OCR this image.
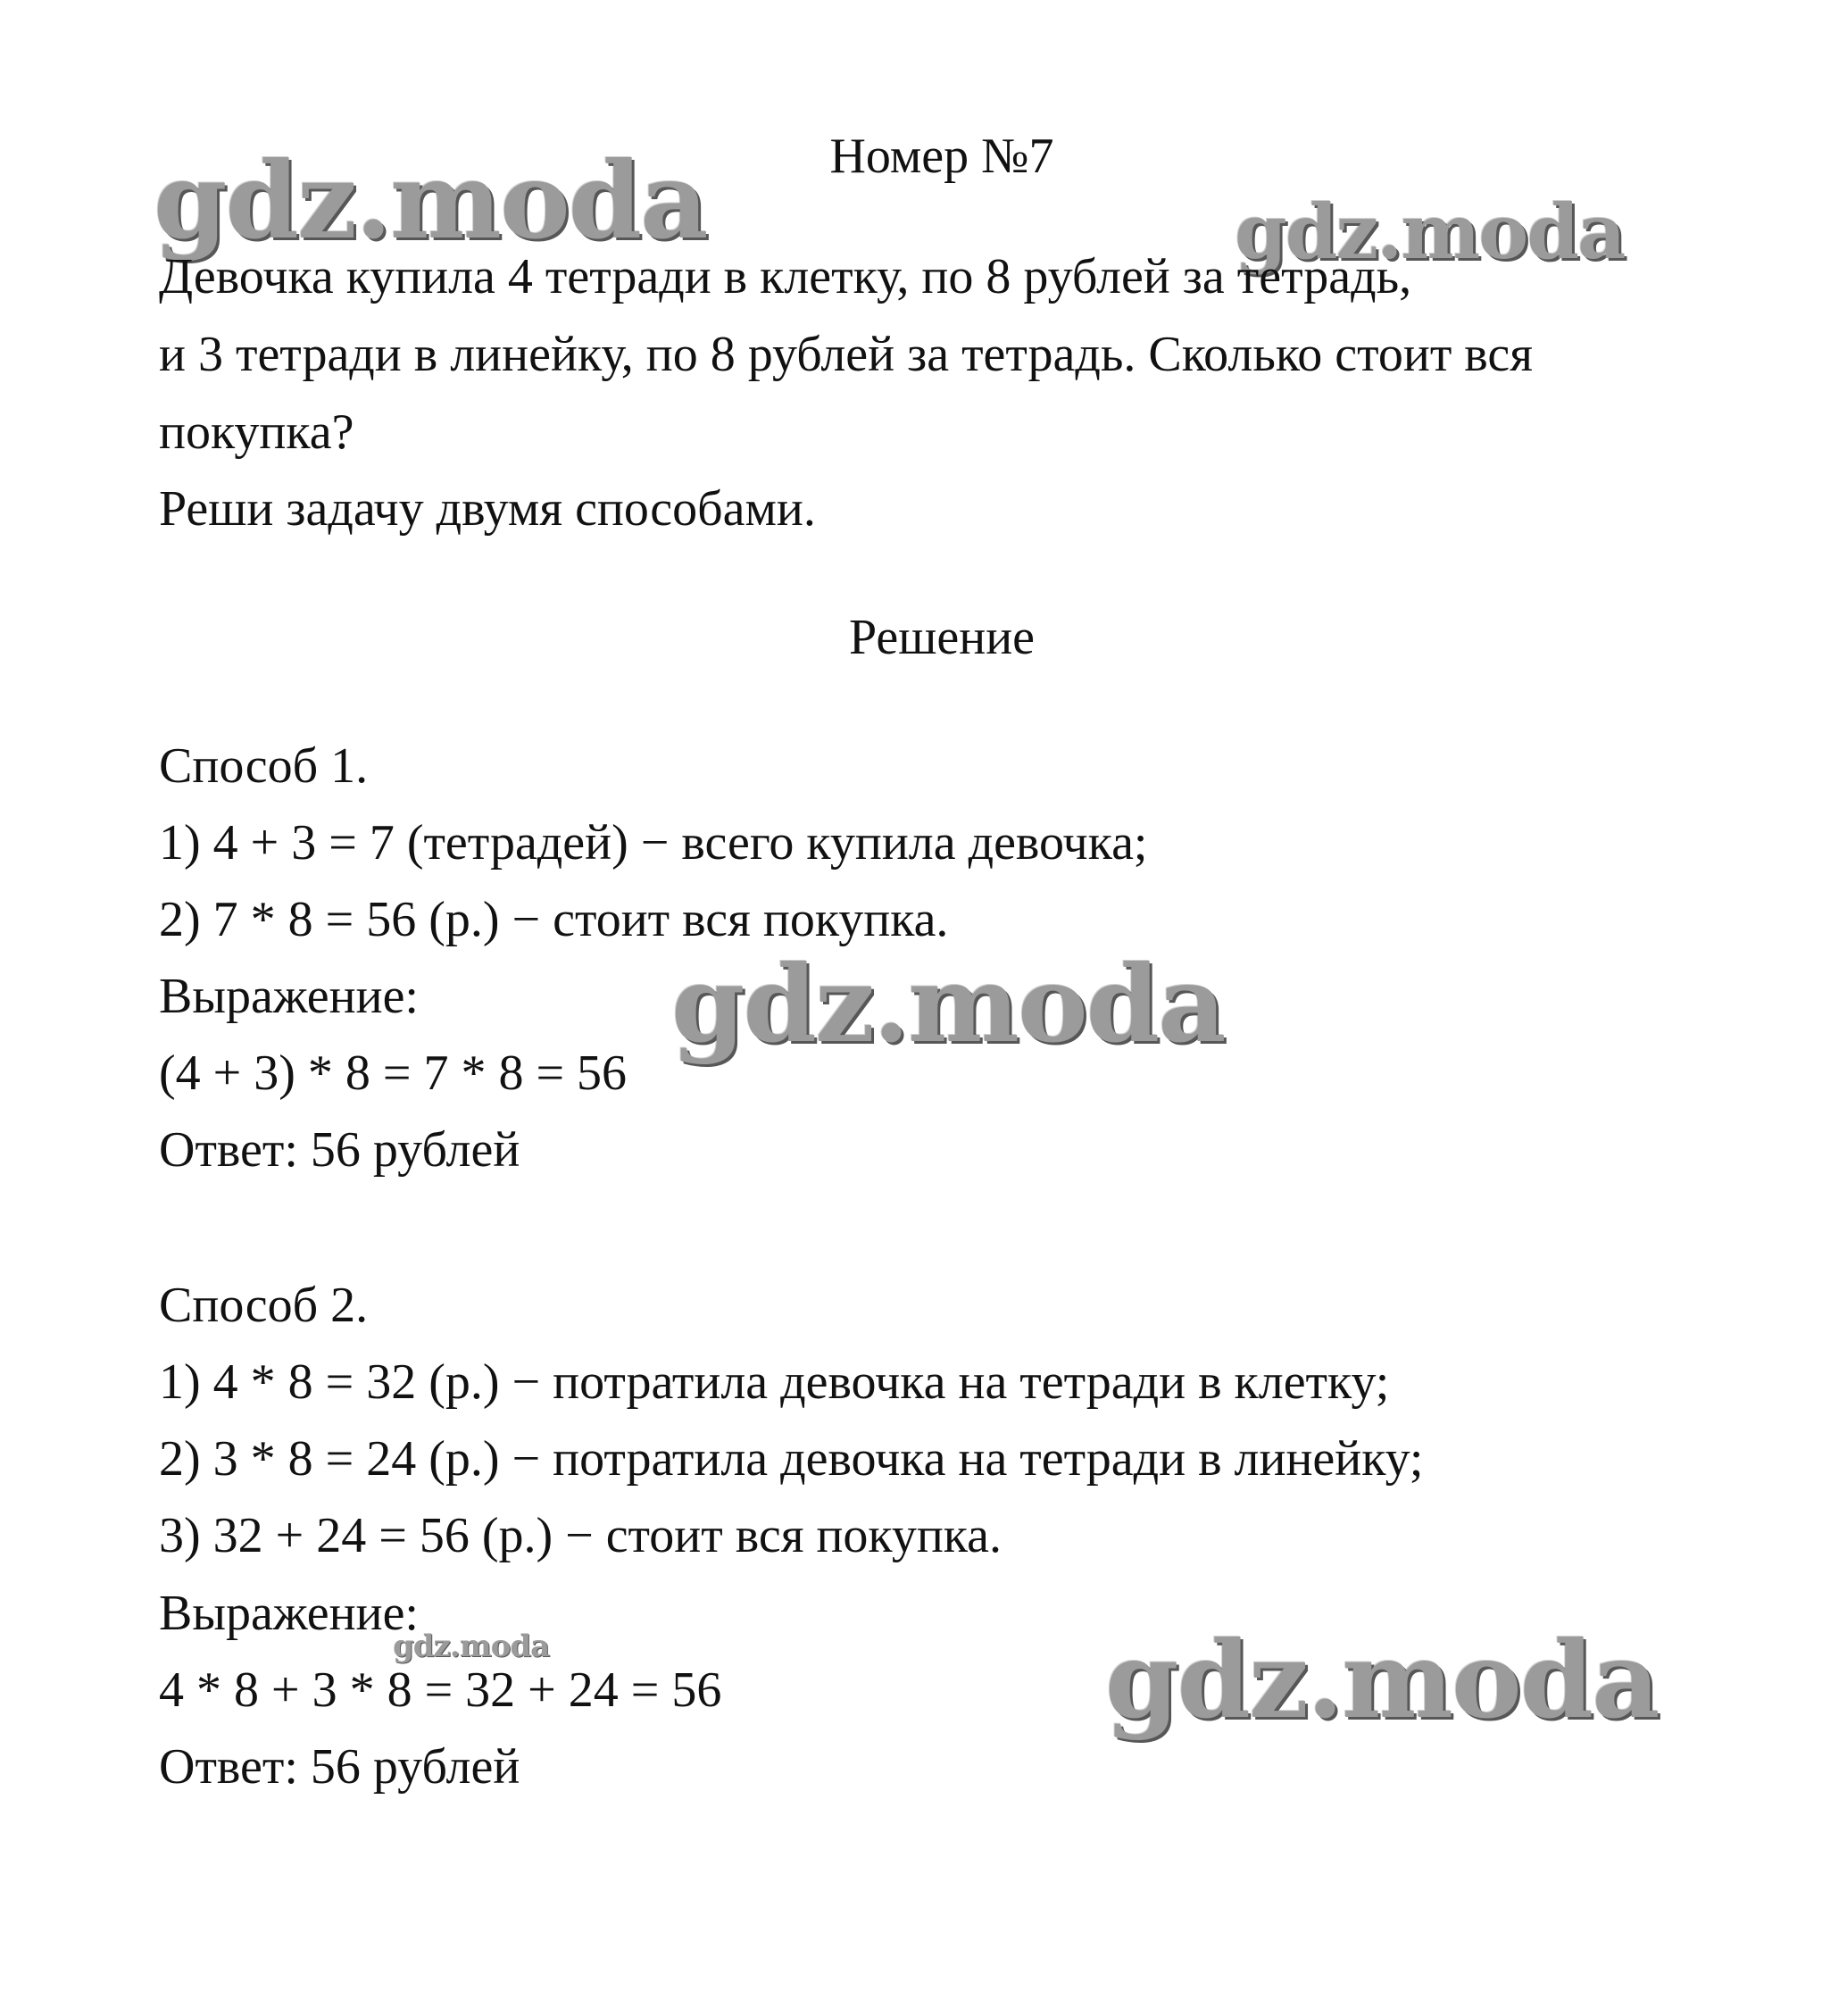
gdz.moda	gdz.moda
gdz.moda
gdz.moda	gdz.moda
Номер №7
Девочка купила 4 тетради в клетку, по 8 рублей за тетрадь,
и 3 тетради в линейку, по 8 рублей за тетрадь. Сколько стоит вся
покупка?
Реши задачу двумя способами.
Решение
Способ 1.
1) 4 + 3 = 7 (тетрадей) − всего купила девочка;
2) 7 * 8 = 56 (р.) − стоит вся покупка.
Выражение:
(4 + 3) * 8 = 7 * 8 = 56
Ответ: 56 рублей
Способ 2.
1) 4 * 8 = 32 (р.) − потратила девочка на тетради в клетку;
2) 3 * 8 = 24 (р.) − потратила девочка на тетради в линейку;
3) 32 + 24 = 56 (р.) − стоит вся покупка.
Выражение:
4 * 8 + 3 * 8 = 32 + 24 = 56
Ответ: 56 рублей
